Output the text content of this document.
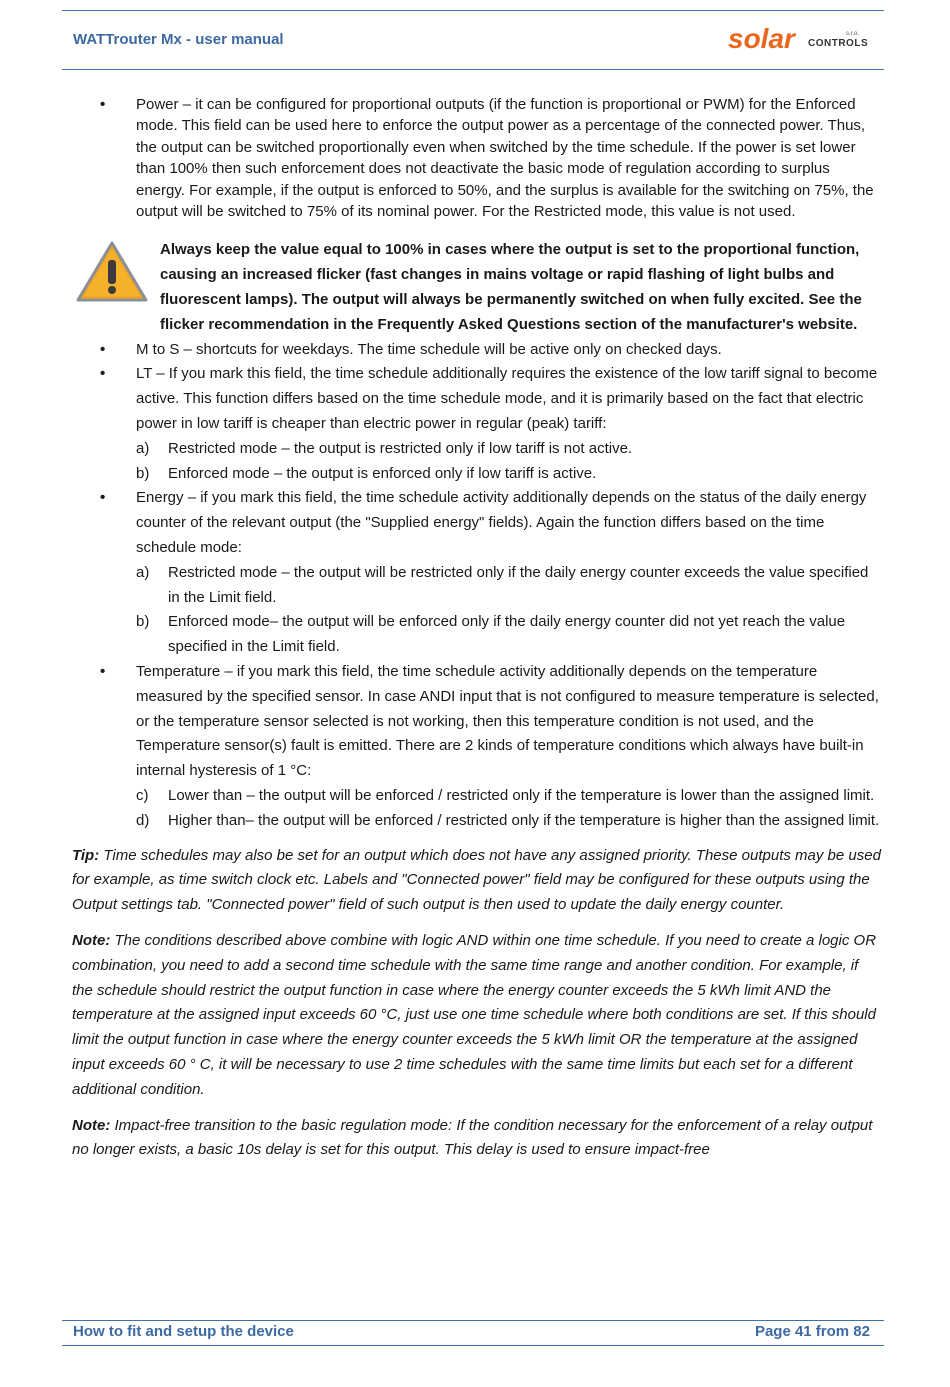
WATTrouter Mx - user manual	solar	s.r.o.
CONTROLS
• Power – it can be configured for proportional outputs (if the function is proportional or PWM) for the Enforced mode. This field can be used here to enforce the output power as a percentage of the connected power. Thus, the output can be switched proportionally even when switched by the time schedule. If the power is set lower than 100% then such enforcement does not deactivate the basic mode of regulation according to surplus energy. For example, if the output is enforced to 50%, and the surplus is available for the switching on 75%, the output will be switched to 75% of its nominal power. For the Restricted mode, this value is not used.
Always keep the value equal to 100% in cases where the output is set to the proportional function, causing an increased flicker (fast changes in mains voltage or rapid flashing of light bulbs and fluorescent lamps). The output will always be permanently switched on when fully excited. See the flicker recommendation in the Frequently Asked Questions section of the manufacturer's website.
• M to S – shortcuts for weekdays. The time schedule will be active only on checked days.
• LT – If you mark this field, the time schedule additionally requires the existence of the low tariff signal to become active. This function differs based on the time schedule mode, and it is primarily based on the fact that electric power in low tariff is cheaper than electric power in regular (peak) tariff:
a) Restricted mode – the output is restricted only if low tariff is not active.
b) Enforced mode – the output is enforced only if low tariff is active.
• Energy – if you mark this field, the time schedule activity additionally depends on the status of the daily energy counter of the relevant output (the "Supplied energy" fields). Again the function differs based on the time schedule mode:
a) Restricted mode – the output will be restricted only if the daily energy counter exceeds the value specified in the Limit field.
b) Enforced mode– the output will be enforced only if the daily energy counter did not yet reach the value specified in the Limit field.
• Temperature – if you mark this field, the time schedule activity additionally depends on the temperature measured by the specified sensor. In case ANDI input that is not configured to measure temperature is selected, or the temperature sensor selected is not working, then this temperature condition is not used, and the Temperature sensor(s) fault is emitted. There are 2 kinds of temperature conditions which always have built-in internal hysteresis of 1 °C:
c) Lower than – the output will be enforced / restricted only if the temperature is lower than the assigned limit.
d) Higher than– the output will be enforced / restricted only if the temperature is higher than the assigned limit.
Tip: Time schedules may also be set for an output which does not have any assigned priority. These outputs may be used for example, as time switch clock etc. Labels and "Connected power" field may be configured for these outputs using the Output settings tab. "Connected power" field of such output is then used to update the daily energy counter.
Note: The conditions described above combine with logic AND within one time schedule. If you need to create a logic OR combination, you need to add a second time schedule with the same time range and another condition. For example, if the schedule should restrict the output function in case where the energy counter exceeds the 5 kWh limit AND the temperature at the assigned input exceeds 60 °C, just use one time schedule where both conditions are set. If this should limit the output function in case where the energy counter exceeds the 5 kWh limit OR the temperature at the assigned input exceeds 60 ° C, it will be necessary to use 2 time schedules with the same time limits but each set for a different additional condition.
Note: Impact-free transition to the basic regulation mode: If the condition necessary for the enforcement of a relay output no longer exists, a basic 10s delay is set for this output. This delay is used to ensure impact-free
How to fit and setup the device	Page 41 from 82
